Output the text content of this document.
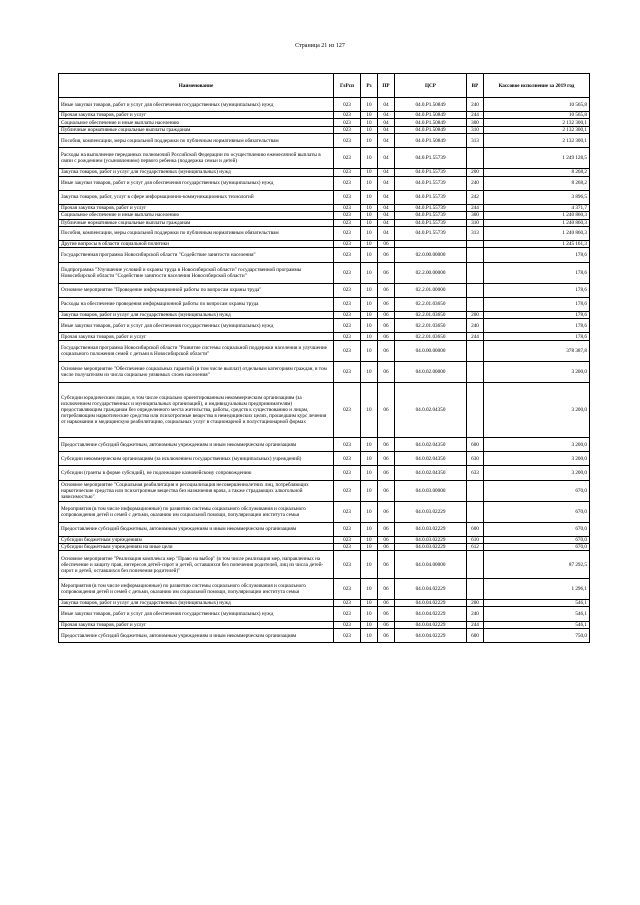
Страница 21 из 127
Наименование	ГлРсп	Рз	ПР	ЦСР	ВР	Кассовое исполнение за 2019 год
Иные закупки товаров, работ и услуг для обеспечения государственных (муниципальных) нужд	023	10	04	04.0.P1.50849	240	10 565,8
Прочая закупка товаров, работ и услуг	023	10	04	04.0.P1.50849	244	10 565,8
Социальное обеспечение и иные выплаты населению	023	10	04	04.0.P1.50849	300	2 132 300,1
Публичные нормативные социальные выплаты гражданам	023	10	04	04.0.P1.50849	310	2 132 300,1
Пособия, компенсации, меры социальной поддержки по публичным нормативным обязательствам	023	10	04	04.0.P1.50849	313	2 132 300,1
Расходы на выполнение переданных полномочий Российской Федерации по осуществлению ежемесячной выплаты в связи с рождением (усыновлением) первого ребенка (поддержка семьи и детей)	023	10	04	04.0.P1.55739		1 249 128,5
Закупка товаров, работ и услуг для государственных (муниципальных) нужд	023	10	04	04.0.P1.55739	200	8 268,2
Иные закупки товаров, работ и услуг для обеспечения государственных (муниципальных) нужд	023	10	04	04.0.P1.55739	240	8 268,2
Закупка товаров, работ, услуг в сфере информационно-коммуникационных технологий	023	10	04	04.0.P1.55739	242	3 896,5
Прочая закупка товаров, работ и услуг	023	10	04	04.0.P1.55739	244	4 371,7
Социальное обеспечение и иные выплаты населению	023	10	04	04.0.P1.55739	300	1 240 860,3
Публичные нормативные социальные выплаты гражданам	023	10	04	04.0.P1.55739	310	1 240 860,3
Пособия, компенсации, меры социальной поддержки по публичным нормативным обязательствам	023	10	04	04.0.P1.55739	313	1 240 860,3
Другие вопросы в области социальной политики	023	10	06			1 245 161,3
Государственная программа Новосибирской области "Содействие занятости населения"	023	10	06	02.0.00.00000		178,6
Подпрограмма "Улучшение условий и охраны труда в Новосибирской области" государственной программы Новосибирской области "Содействие занятости населения Новосибирской области"	023	10	06	02.2.00.00000		178,6
Основное мероприятие "Проведение информационной работы по вопросам охраны труда"	023	10	06	02.2.01.00000		178,6
Расходы на обеспечение проведения информационной работы по вопросам охраны труда	023	10	06	02.2.01.03650		178,6
Закупка товаров, работ и услуг для государственных (муниципальных) нужд	023	10	06	02.2.01.03650	200	178,6
Иные закупки товаров, работ и услуг для обеспечения государственных (муниципальных) нужд	023	10	06	02.2.01.03650	240	178,6
Прочая закупка товаров, работ и услуг	023	10	06	02.2.01.03650	244	178,6
Государственная программа Новосибирской области "Развитие системы социальной поддержки населения и улучшение социального положения семей с детьми в Новосибирской области"	023	10	06	04.0.00.00000		378 387,8
Основное мероприятие "Обеспечение социальных гарантий (в том числе выплат) отдельным категориям граждан, в том числе получателям из числа социально уязвимых слоев населения"	023	10	06	04.0.02.00000		3 200,0
Субсидии юридическим лицам, в том числе социально ориентированным некоммерческим организациям (за исключением государственных и муниципальных организаций), и индивидуальным предпринимателям) предоставляющим гражданам без определенного места жительства, работы, средств к существованию и лицам, потребляющим наркотические средства или психотропные вещества в немедицинских целях, прошедшим курс лечения от наркомании и медицинскую реабилитацию, социальных услуг в стационарной и полустационарной формах	023	10	06	04.0.02.04350		3 200,0
Предоставление субсидий бюджетным, автономным учреждениям и иным некоммерческим организациям	023	10	06	04.0.02.04350	600	3 200,0
Субсидии некоммерческим организациям (за исключением государственных (муниципальных) учреждений)	023	10	06	04.0.02.04350	630	3 200,0
Субсидии (гранты в форме субсидий), не подлежащие казначейскому сопровождению	023	10	06	04.0.02.04350	633	3 200,0
Основное мероприятие "Социальная реабилитация и ресоциализация несовершеннолетних лиц, потребляющих наркотические средства или психотропные вещества без назначения врача, а также страдающих алкогольной зависимостью"	023	10	06	04.0.03.00000		670,0
Мероприятия (в том числе информационные) по развитию системы социального обслуживания и социального сопровождения детей и семей с детьми, оказанию им социальной помощи, популяризации института семьи	023	10	06	04.0.03.02229		670,0
Предоставление субсидий бюджетным, автономным учреждениям и иным некоммерческим организациям	023	10	06	04.0.03.02229	600	670,0
Субсидии бюджетным учреждениям	023	10	06	04.0.03.02229	610	670,0
Субсидии бюджетным учреждениям на иные цели	023	10	06	04.0.03.02229	612	670,0
Основное мероприятие "Реализация комплекса мер "Право на выбор" (в том числе реализация мер, направленных на обеспечение и защиту прав, интересов детей-сирот и детей, оставшихся без попечения родителей, лиц из числа детей-сирот и детей, оставшихся без попечения родителей)"	023	10	06	04.0.04.00000		87 292,5
Мероприятия (в том числе информационные) по развитию системы социального обслуживания и социального сопровождения детей и семей с детьми, оказанию им социальной помощи, популяризации института семьи	023	10	06	04.0.04.02229		1 296,1
Закупка товаров, работ и услуг для государственных (муниципальных) нужд	023	10	06	04.0.04.02229	200	546,1
Иные закупки товаров, работ и услуг для обеспечения государственных (муниципальных) нужд	023	10	06	04.0.04.02229	240	546,1
Прочая закупка товаров, работ и услуг	023	10	06	04.0.04.02229	244	546,1
Предоставление субсидий бюджетным, автономным учреждениям и иным некоммерческим организациям	023	10	06	04.0.04.02229	600	750,0
